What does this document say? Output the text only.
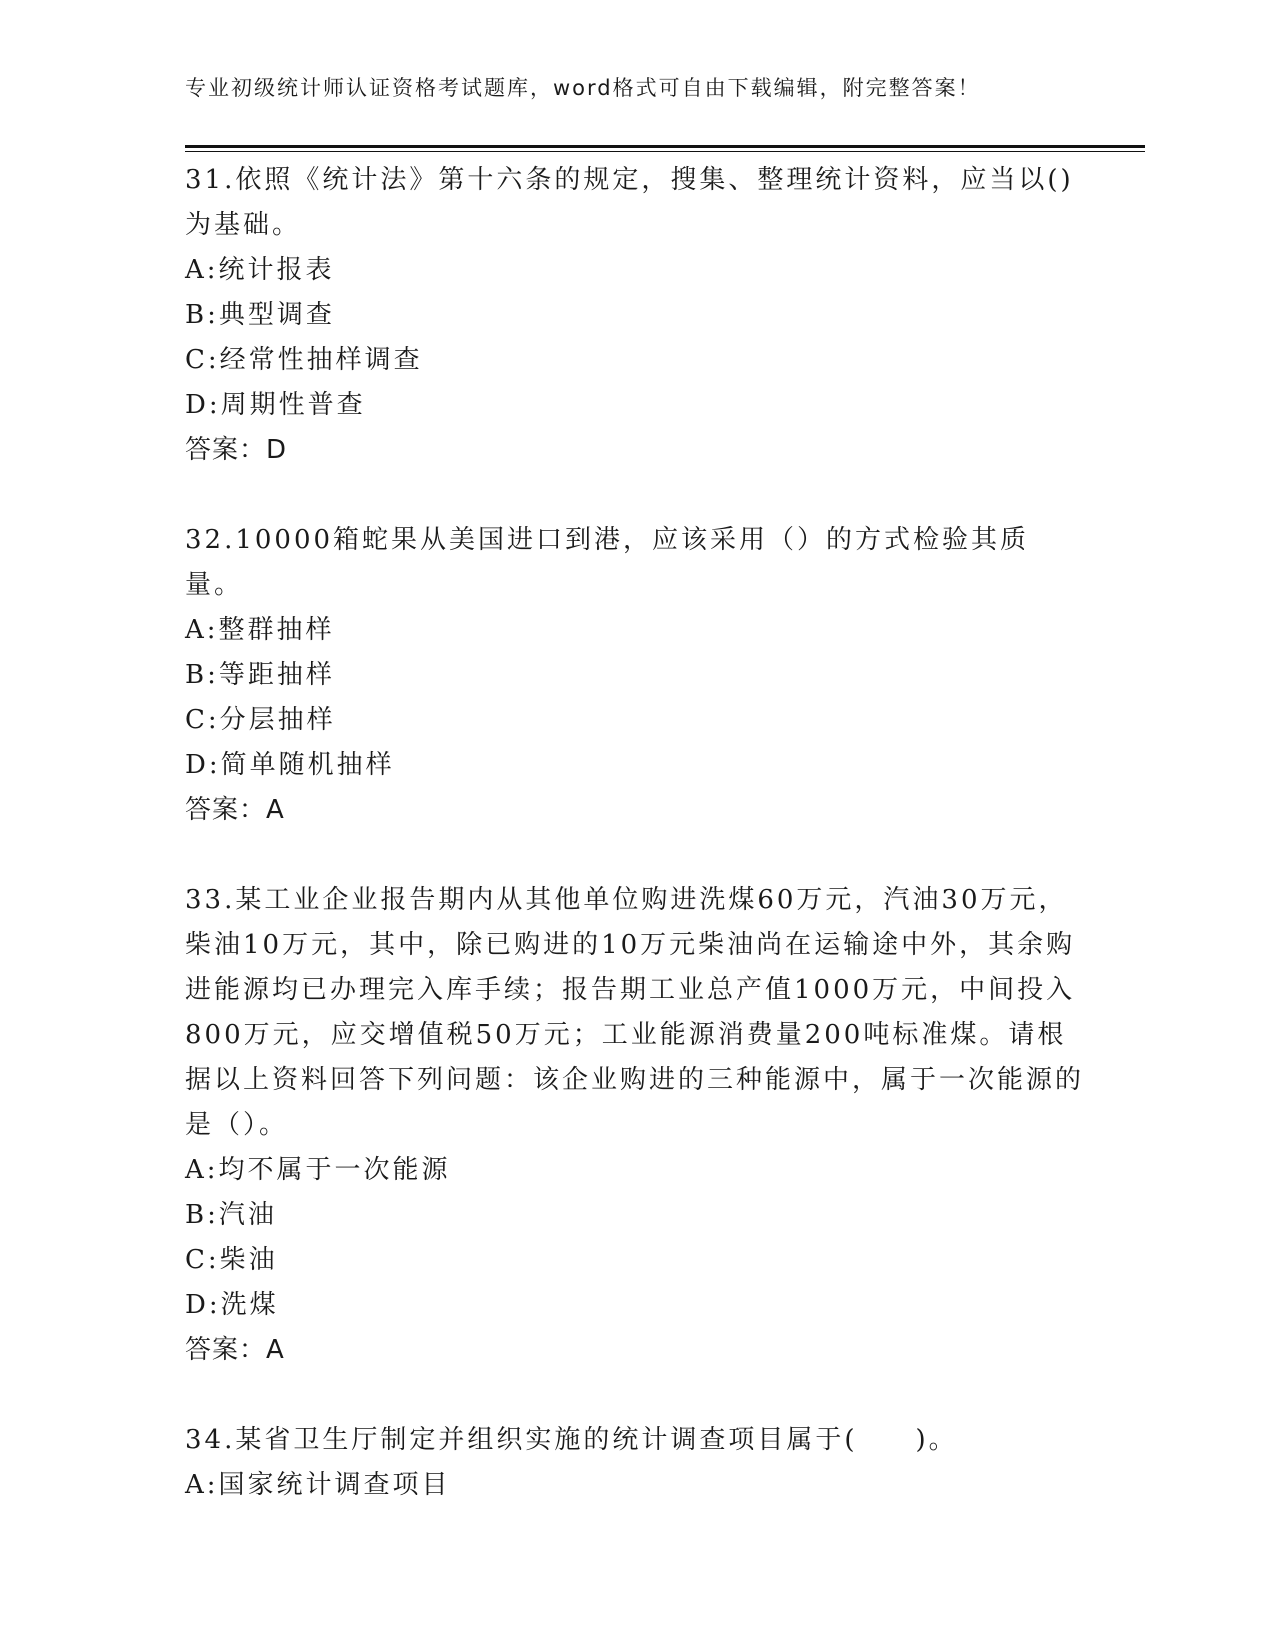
专业初级统计师认证资格考试题库，word格式可自由下载编辑，附完整答案！

31.依照《统计法》第十六条的规定，搜集、整理统计资料，应当以()为基础。

A:统计报表

B:典型调查

C:经常性抽样调查

D:周期性普查

答案：D

32.10000箱蛇果从美国进口到港，应该采用（）的方式检验其质量。

A:整群抽样

B:等距抽样

C:分层抽样

D:简单随机抽样

答案：A

33.某工业企业报告期内从其他单位购进洗煤60万元，汽油30万元，柴油10万元，其中，除已购进的10万元柴油尚在运输途中外，其余购进能源均已办理完入库手续；报告期工业总产值1000万元，中间投入800万元，应交增值税50万元；工业能源消费量200吨标准煤。请根据以上资料回答下列问题：该企业购进的三种能源中，属于一次能源的是（）。

A:均不属于一次能源

B:汽油

C:柴油

D:洗煤

答案：A

34.某省卫生厅制定并组织实施的统计调查项目属于(　　)。

A:国家统计调查项目
